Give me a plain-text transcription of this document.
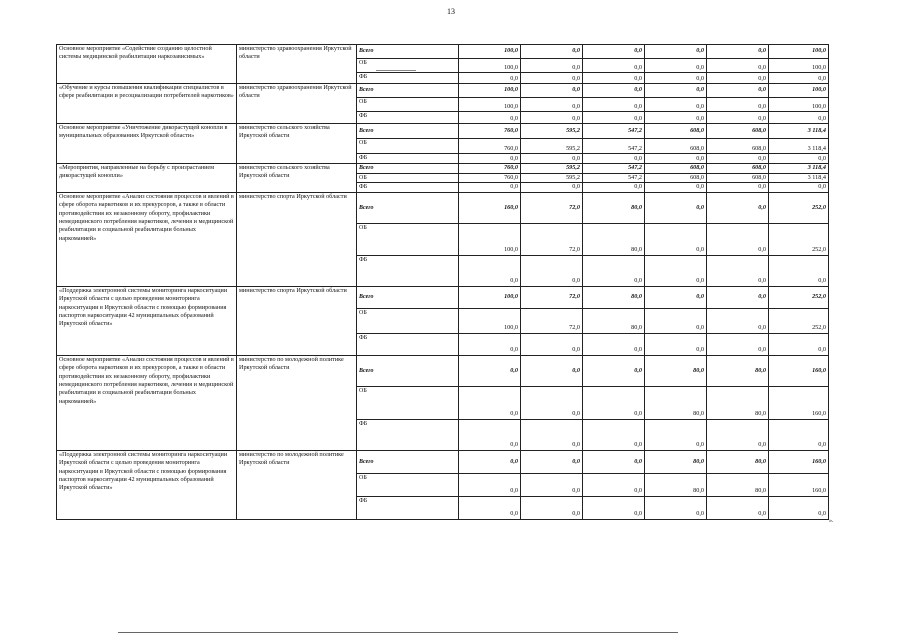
13
Основное мероприятие «Содействие созданию целостной системы медицинской реабилитации наркозависимых»	министерство здравоохранения Иркутской области	Всего	100,0	0,0	0,0	0,0	0,0	100,0
		ОБ	100,0	0,0	0,0	0,0	0,0	100,0
		ФБ	0,0	0,0	0,0	0,0	0,0	0,0
«Обучение и курсы повышения квалификации специалистов в сфере реабилитации и ресоциализации потребителей наркотиков»	министерство здравоохранения Иркутской области	Всего	100,0	0,0	0,0	0,0	0,0	100,0
		ОБ	100,0	0,0	0,0	0,0	0,0	100,0
		ФБ	0,0	0,0	0,0	0,0	0,0	0,0
Основное мероприятие «Уничтожение дикорастущей конопли в муниципальных образованиях Иркутской области»	министерство сельского хозяйства Иркутской области	Всего	760,0	595,2	547,2	608,0	608,0	3 118,4
		ОБ	760,0	595,2	547,2	608,0	608,0	3 118,4
		ФБ	0,0	0,0	0,0	0,0	0,0	0,0
«Мероприятия, направленные на борьбу с произрастанием дикорастущей конопли»	министерство сельского хозяйства Иркутской области	Всего	760,0	595,2	547,2	608,0	608,0	3 118,4
		ОБ	760,0	595,2	547,2	608,0	608,0	3 118,4
		ФБ	0,0	0,0	0,0	0,0	0,0	0,0
Основное мероприятие «Анализ состояния процессов и явлений в сфере оборота наркотиков и их прекурсоров, а также в области противодействия их незаконному обороту, профилактики немедицинского потребления наркотиков, лечения и медицинской реабилитации и социальной реабилитации больных наркоманией»	министерство спорта Иркутской области	Всего	160,0	72,0	80,0	0,0	0,0	252,0
		ОБ	100,0	72,0	80,0	0,0	0,0	252,0
		ФБ	0,0	0,0	0,0	0,0	0,0	0,0
«Поддержка электронной системы мониторинга наркоситуации Иркутской области с целью проведения мониторинга наркоситуации в Иркутской области с помощью формирования паспортов наркоситуации 42 муниципальных образований Иркутской области»	министерство спорта Иркутской области	Всего	100,0	72,0	80,0	0,0	0,0	252,0
		ОБ	100,0	72,0	80,0	0,0	0,0	252,0
		ФБ	0,0	0,0	0,0	0,0	0,0	0,0
Основное мероприятие «Анализ состояния процессов и явлений в сфере оборота наркотиков и их прекурсоров, а также в области противодействия их незаконному обороту, профилактики немедицинского потребления наркотиков, лечения и медицинской реабилитации и социальной реабилитации больных наркоманией»	министерство по молодежной политике Иркутской области	Всего	0,0	0,0	0,0	80,0	80,0	160,0
		ОБ	0,0	0,0	0,0	80,0	80,0	160,0
		ФБ	0,0	0,0	0,0	0,0	0,0	0,0
«Поддержка электронной системы мониторинга наркоситуации Иркутской области с целью проведения мониторинга наркоситуации в Иркутской области с помощью формирования паспортов наркоситуации 42 муниципальных образований Иркутской области»	министерство по молодежной политике Иркутской области	Всего	0,0	0,0	0,0	80,0	80,0	160,0
		ОБ	0,0	0,0	0,0	80,0	80,0	160,0
		ФБ	0,0	0,0	0,0	0,0	0,0	0,0
».
